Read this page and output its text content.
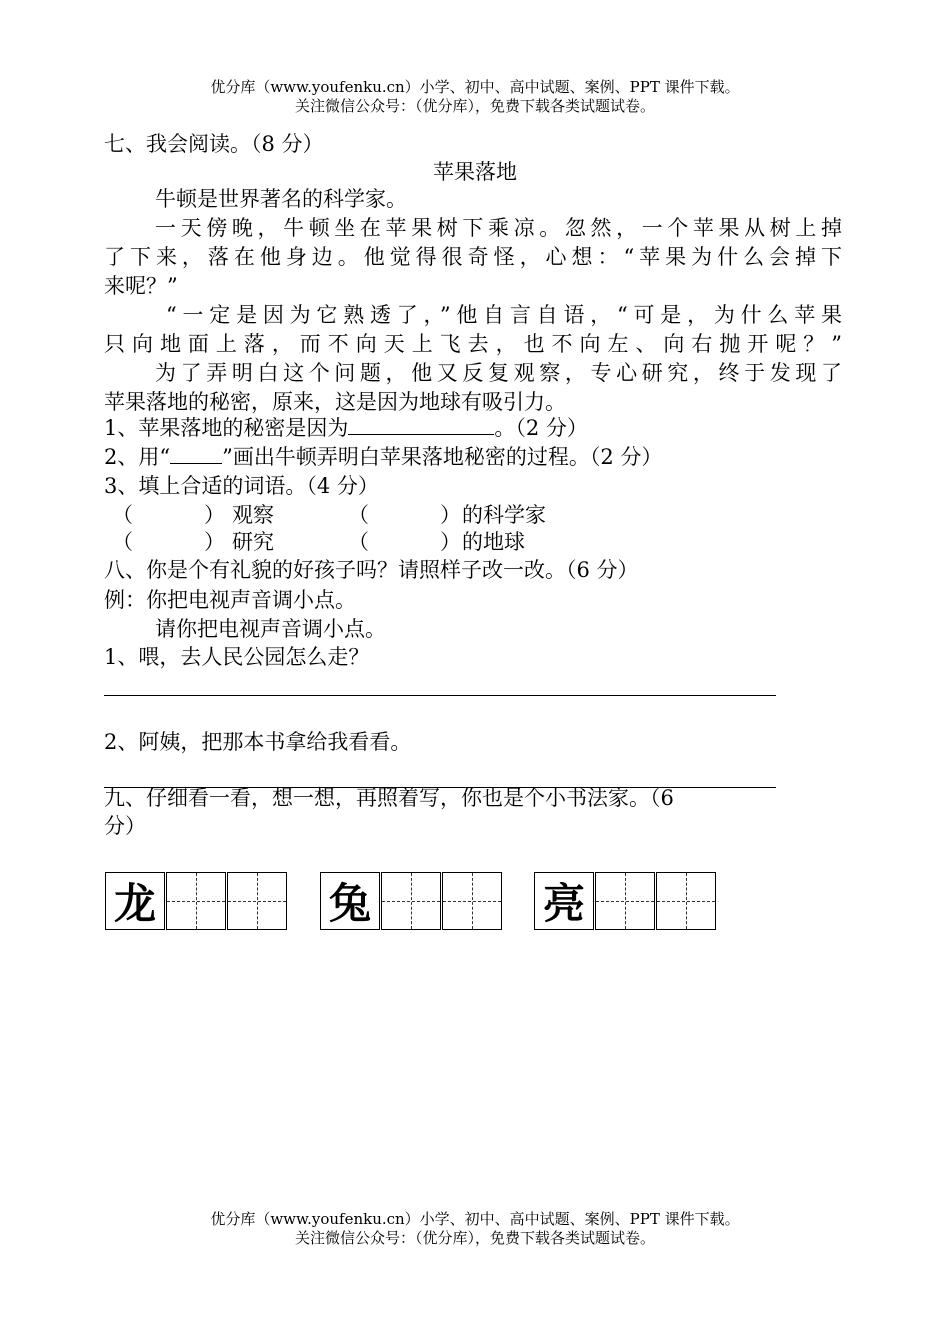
优分库（www.youfenku.cn）小学、初中、高中试题、案例、PPT 课件下载。
关注微信公众号：（优分库），免费下载各类试题试卷。
七、我会阅读。（8 分）
苹果落地
牛顿是世界著名的科学家。
一天傍晚，牛顿坐在苹果树下乘凉。忽然，一个苹果从树上掉
了下来，落在他身边。他觉得很奇怪，心想：“苹果为什么会掉下
来呢？”
“一定是因为它熟透了，”他自言自语，“可是，为什么苹果
只向地面上落，而不向天上飞去，也不向左、向右抛开呢？”
为了弄明白这个问题，他又反复观察，专心研究，终于发现了
苹果落地的秘密，原来，这是因为地球有吸引力。
1、苹果落地的秘密是因为	。（2 分）
2、用“ ”画出牛顿弄明白苹果落地秘密的过程。（2 分）
3、填上合适的词语。（4 分）
（	） 观察	（	） 的科学家
（	） 研究	（	） 的地球
八、你是个有礼貌的好孩子吗？请照样子改一改。（6 分）
例：你把电视声音调小点。
请你把电视声音调小点。
1、喂，去人民公园怎么走？
2、阿姨，把那本书拿给我看看。
九、仔细看一看，想一想，再照着写，你也是个小书法家。（6
分）
龙	兔	亮
优分库（www.youfenku.cn）小学、初中、高中试题、案例、PPT 课件下载。
关注微信公众号：（优分库），免费下载各类试题试卷。
